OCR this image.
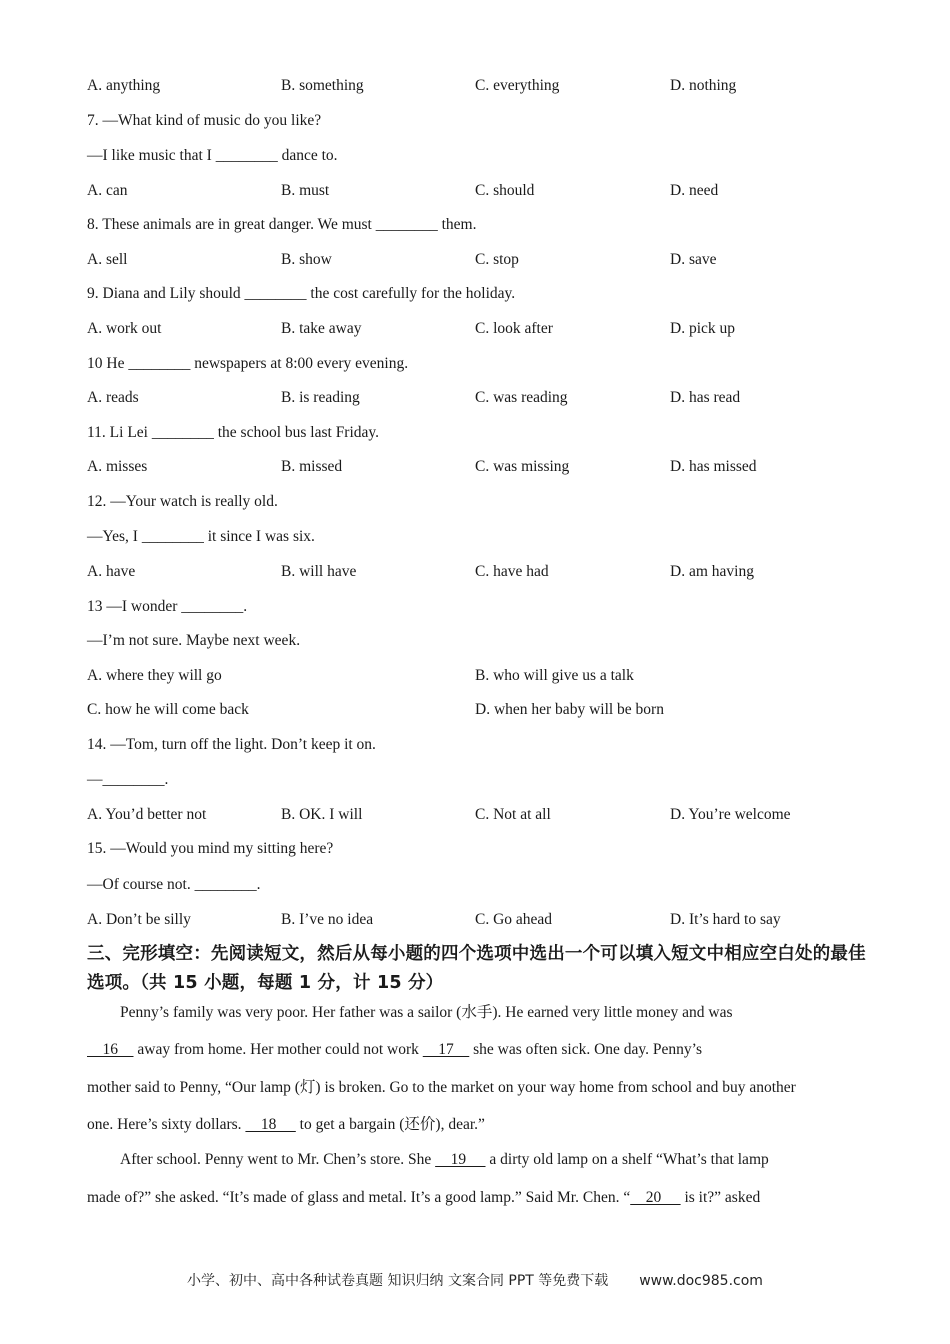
A. anything	B. something	C. everything	D. nothing
7. —What kind of music do you like?
—I like music that I ________ dance to.
A. can	B. must	C. should	D. need
8. These animals are in great danger. We must ________ them.
A. sell	B. show	C. stop	D. save
9. Diana and Lily should ________ the cost carefully for the holiday.
A. work out	B. take away	C. look after	D. pick up
10 He ________ newspapers at 8:00 every evening.
A. reads	B. is reading	C. was reading	D. has read
11. Li Lei ________ the school bus last Friday.
A. misses	B. missed	C. was missing	D. has missed
12. —Your watch is really old.
—Yes, I ________ it since I was six.
A. have	B. will have	C. have had	D. am having
13 —I wonder ________.
—I’m not sure. Maybe next week.
A. where they will go	B. who will give us a talk
C. how he will come back	D. when her baby will be born
14. —Tom, turn off the light. Don’t keep it on.
—________.
A. You’d better not	B. OK. I will	C. Not at all	D. You’re welcome
15. —Would you mind my sitting here?
—Of course not. ________.
A. Don’t be silly	B. I’ve no idea	C. Go ahead	D. It’s hard to say
三、完形填空：先阅读短文，然后从每小题的四个选项中选出一个可以填入短文中相应空白处的最佳选项。（共 15 小题，每题 1 分，计 15 分）
Penny’s family was very poor. Her father was a sailor (水手). He earned very little money and was
16     away from home. Her mother could not work     17     she was often sick. One day. Penny’s
mother said to Penny, “Our lamp (灯) is broken. Go to the market on your way home from school and buy another
one. Here’s sixty dollars.     18      to get a bargain (还价), dear.”
After school. Penny went to Mr. Chen’s store. She     19      a dirty old lamp on a shelf “What’s that lamp
made of?” she asked. “It’s made of glass and metal. It’s a good lamp.” Said Mr. Chen. “    20      is it?” asked
小学、初中、高中各种试卷真题 知识归纳 文案合同 PPT 等免费下载 www.doc985.com
